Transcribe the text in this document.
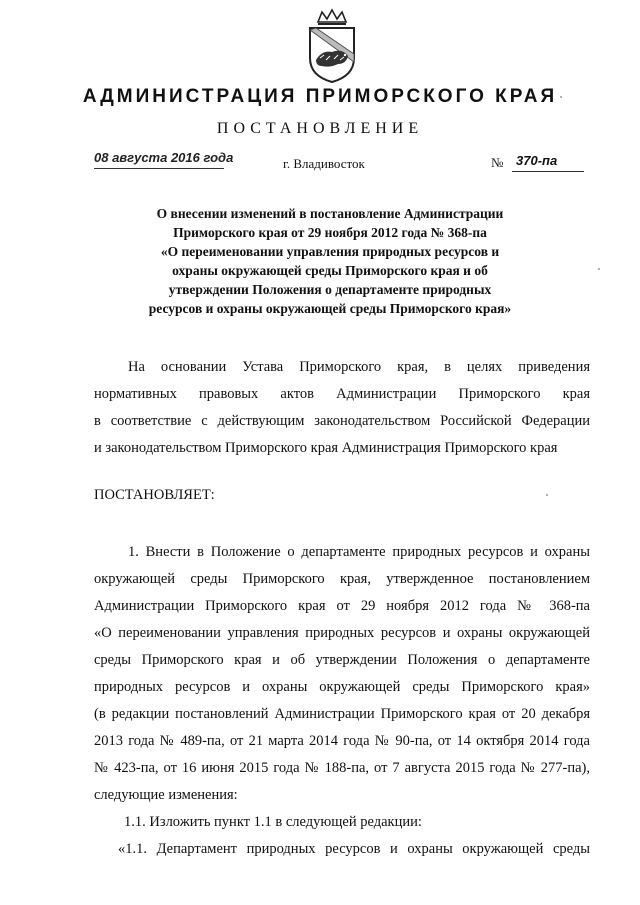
АДМИНИСТРАЦИЯ ПРИМОРСКОГО КРАЯ
ПОСТАНОВЛЕНИЕ
08 августа 2016 года	г. Владивосток	№ 370-па
О внесении изменений в постановление Администрации
Приморского края от 29 ноября 2012 года № 368-па
«О переименовании управления природных ресурсов и
охраны окружающей среды Приморского края и об
утверждении Положения о департаменте природных
ресурсов и охраны окружающей среды Приморского края»
На основании Устава Приморского края, в целях приведения
нормативных правовых актов Администрации Приморского края
в соответствие с действующим законодательством Российской Федерации
и законодательством Приморского края Администрация Приморского края
ПОСТАНОВЛЯЕТ:
1. Внести в Положение о департаменте природных ресурсов и охраны
окружающей среды Приморского края, утвержденное постановлением
Администрации Приморского края от 29 ноября 2012 года № 368-па
«О переименовании управления природных ресурсов и охраны окружающей
среды Приморского края и об утверждении Положения о департаменте
природных ресурсов и охраны окружающей среды Приморского края»
(в редакции постановлений Администрации Приморского края от 20 декабря
2013 года № 489-па, от 21 марта 2014 года № 90-па, от 14 октября 2014 года
№ 423-па, от 16 июня 2015 года № 188-па, от 7 августа 2015 года № 277-па),
следующие изменения:
1.1. Изложить пункт 1.1 в следующей редакции:
«1.1. Департамент природных ресурсов и охраны окружающей среды
